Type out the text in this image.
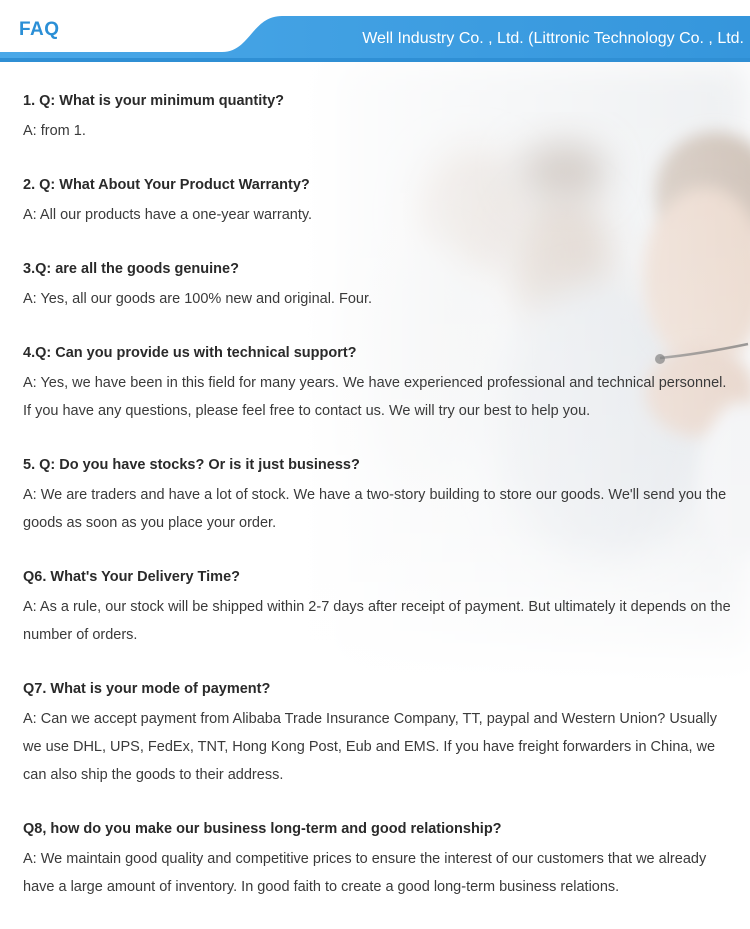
FAQ	Well Industry Co. , Ltd. (Littronic Technology Co. , Ltd.
1. Q: What is your minimum quantity?

A: from 1.

2. Q: What About Your Product Warranty?

A: All our products have a one-year warranty.

3.Q: are all the goods genuine?

A: Yes, all our goods are 100% new and original. Four.

4.Q: Can you provide us with technical support?

A: Yes, we have been in this field for many years. We have experienced professional and technical personnel. If you have any questions, please feel free to contact us. We will try our best to help you.

5. Q: Do you have stocks? Or is it just business?

A: We are traders and have a lot of stock. We have a two-story building to store our goods. We'll send you the goods as soon as you place your order.

Q6. What's Your Delivery Time?

A: As a rule, our stock will be shipped within 2-7 days after receipt of payment. But ultimately it depends on the number of orders.

Q7. What is your mode of payment?

A: Can we accept payment from Alibaba Trade Insurance Company, TT, paypal and Western Union? Usually we use DHL, UPS, FedEx, TNT, Hong Kong Post, Eub and EMS. If you have freight forwarders in China, we can also ship the goods to their address.

Q8, how do you make our business long-term and good relationship?

A: We maintain good quality and competitive prices to ensure the interest of our customers that we already have a large amount of inventory. In good faith to create a good long-term business relations.
